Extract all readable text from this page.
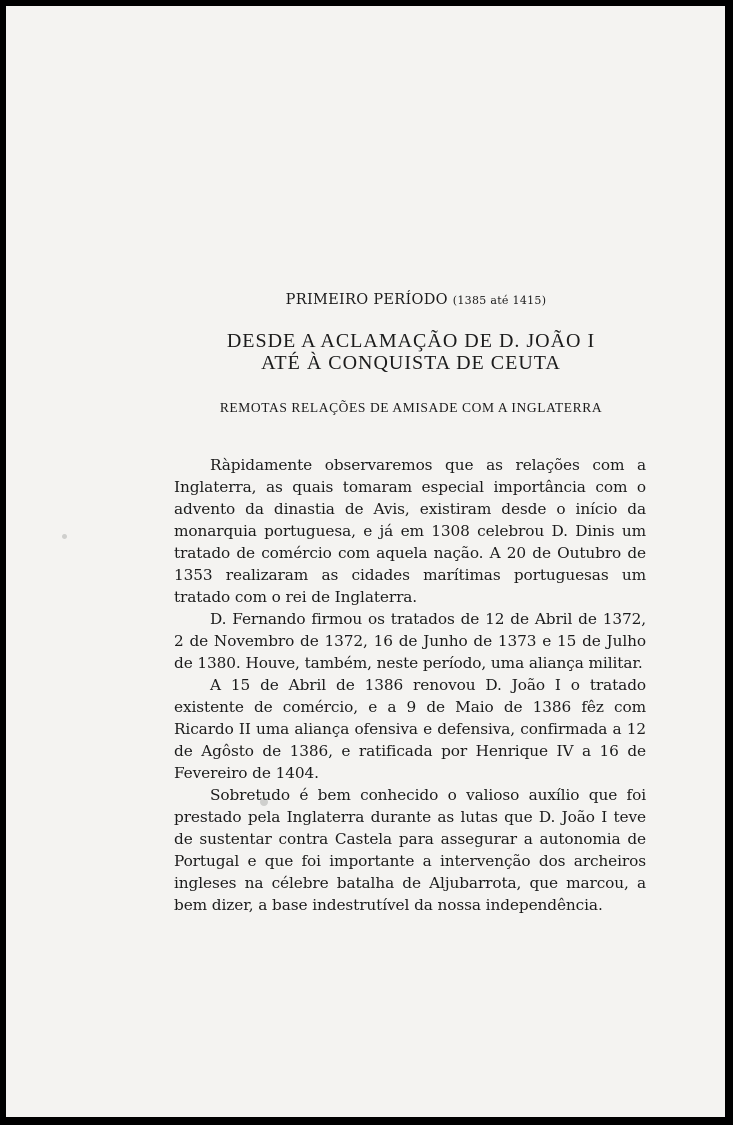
PRIMEIRO PERÍODO (1385 até 1415)
DESDE A ACLAMAÇÃO DE D. JOÃO I
ATÉ À CONQUISTA DE CEUTA
REMOTAS RELAÇÕES DE AMISADE COM A INGLATERRA

Ràpidamente observaremos que as relações com a Inglaterra, as quais tomaram especial importância com o advento da dinastia de Avis, existiram desde o início da monarquia portuguesa, e já em 1308 celebrou D. Dinis um tratado de comércio com aquela nação. A 20 de Outubro de 1353 realizaram as cidades marítimas portuguesas um tratado com o rei de Inglaterra.

D. Fernando firmou os tratados de 12 de Abril de 1372, 2 de Novembro de 1372, 16 de Junho de 1373 e 15 de Julho de 1380. Houve, também, neste período, uma aliança militar.

A 15 de Abril de 1386 renovou D. João I o tratado existente de comércio, e a 9 de Maio de 1386 fêz com Ricardo II uma aliança ofensiva e defensiva, confirmada a 12 de Agôsto de 1386, e ratificada por Henrique IV a 16 de Fevereiro de 1404.

Sobretudo é bem conhecido o valioso auxílio que foi prestado pela Inglaterra durante as lutas que D. João I teve de sustentar contra Castela para assegurar a autonomia de Portugal e que foi importante a intervenção dos archeiros ingleses na célebre batalha de Aljubarrota, que marcou, a bem dizer, a base indestrutível da nossa independência.
